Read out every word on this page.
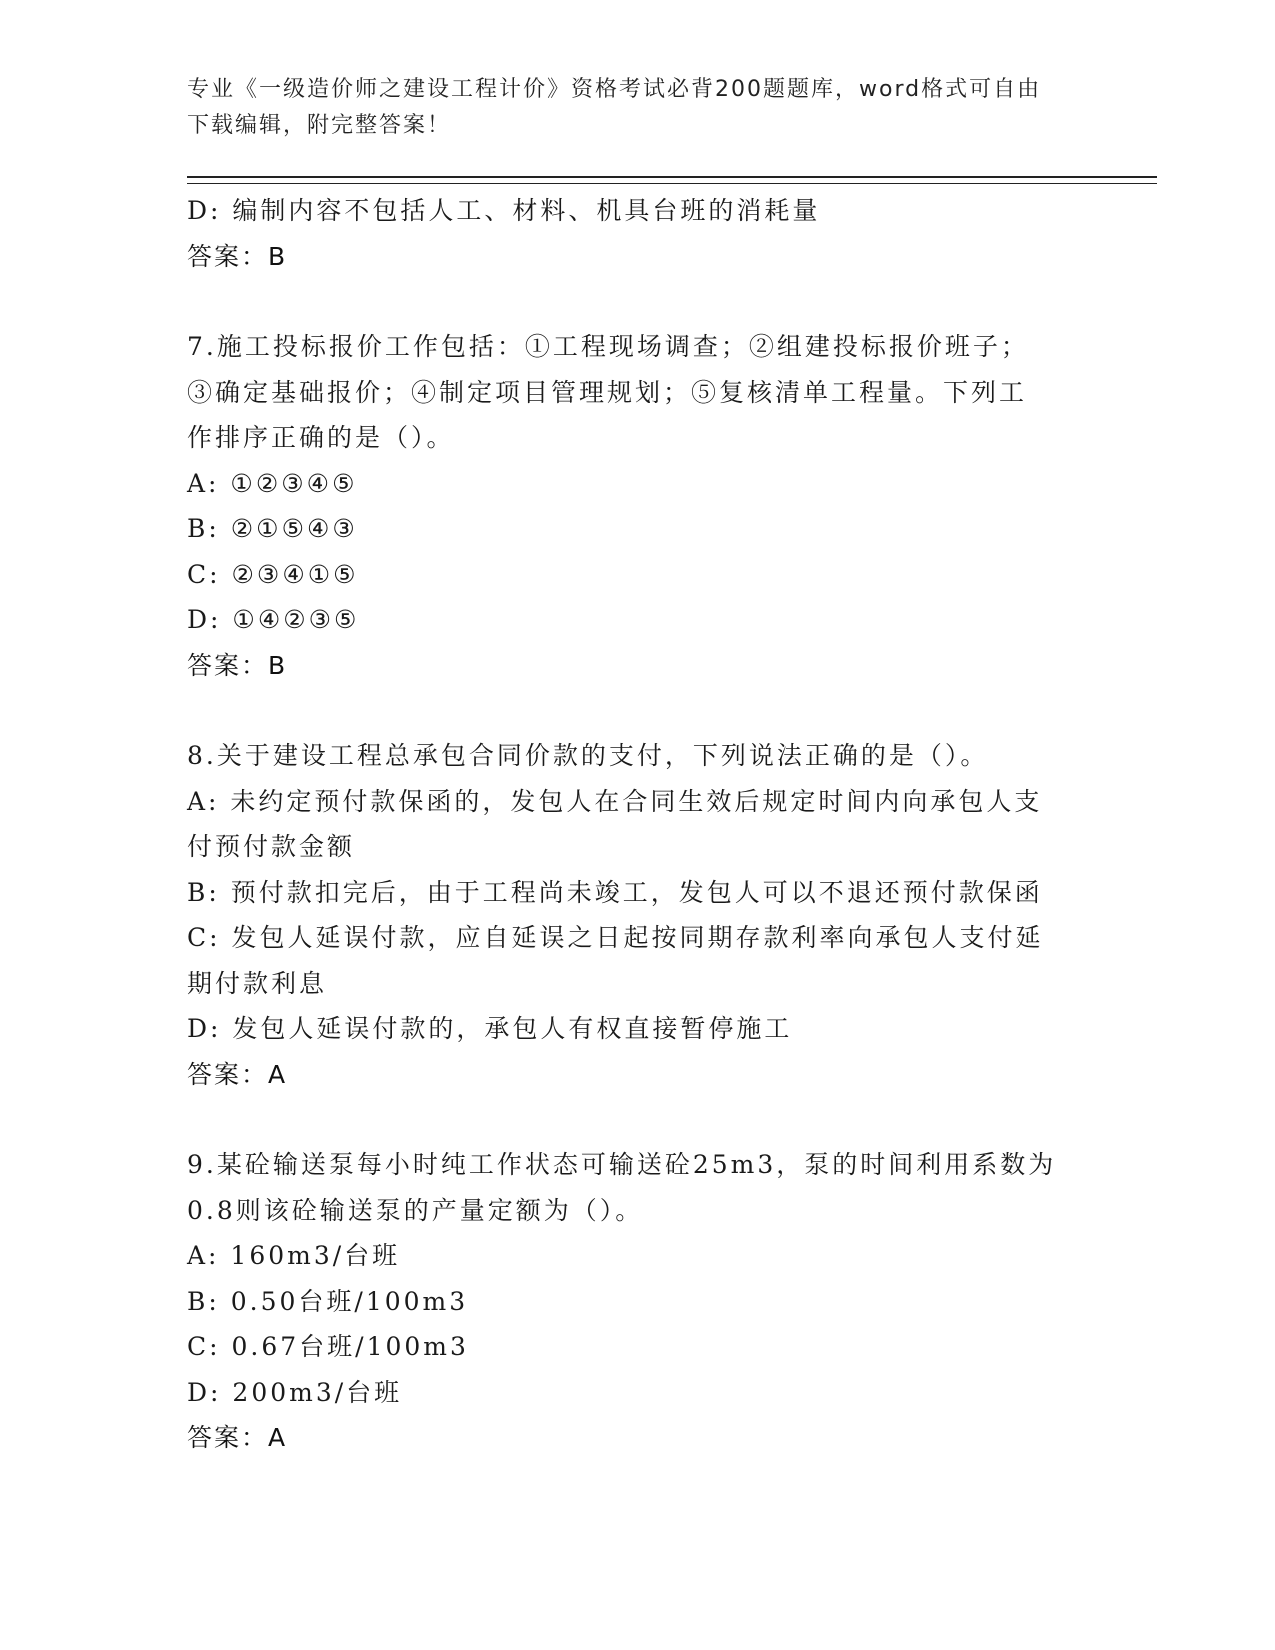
专业《一级造价师之建设工程计价》资格考试必背200题题库，word格式可自由
下载编辑，附完整答案！
D: 编制内容不包括人工、材料、机具台班的消耗量
答案：B
7.施工投标报价工作包括：①工程现场调查；②组建投标报价班子；
③确定基础报价；④制定项目管理规划；⑤复核清单工程量。下列工
作排序正确的是（）。
A: ①②③④⑤
B: ②①⑤④③
C: ②③④①⑤
D: ①④②③⑤
答案：B
8.关于建设工程总承包合同价款的支付，下列说法正确的是（）。
A: 未约定预付款保函的，发包人在合同生效后规定时间内向承包人支
付预付款金额
B: 预付款扣完后，由于工程尚未竣工，发包人可以不退还预付款保函
C: 发包人延误付款，应自延误之日起按同期存款利率向承包人支付延
期付款利息
D: 发包人延误付款的，承包人有权直接暂停施工
答案：A
9.某砼输送泵每小时纯工作状态可输送砼25m3，泵的时间利用系数为
0.8则该砼输送泵的产量定额为（）。
A: 160m3/台班
B: 0.50台班/100m3
C: 0.67台班/100m3
D: 200m3/台班
答案：A
